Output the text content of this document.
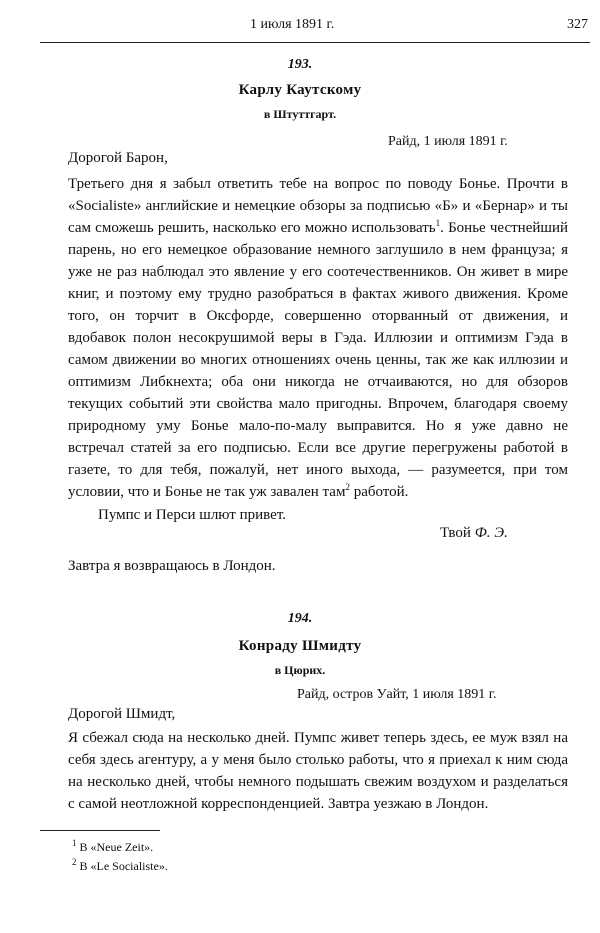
1 июля 1891 г.	327
193.
Карлу Каутскому
в Штуттгарт.
Райд, 1 июля 1891 г.
Дорогой Барон,

Третьего дня я забыл ответить тебе на вопрос по поводу Бонье. Прочти в «Socialiste» английские и немецкие обзоры за подписью «Б» и «Бернар» и ты сам сможешь решить, насколько его можно использовать$^1$. Бонье честнейший парень, но его немецкое образование немного заглушило в нем француза; я уже не раз наблюдал это явление у его соотечественников. Он живет в мире книг, и поэтому ему трудно разобраться в фактах живого движения. Кроме того, он торчит в Оксфорде, совершенно оторванный от движения, и вдобавок полон несокрушимой веры в Гэда. Иллюзии и оптимизм Гэда в самом движении во многих отношениях очень ценны, так же как иллюзии и оптимизм Либкнехта; оба они никогда не отчаиваются, но для обзоров текущих событий эти свойства мало пригодны. Впрочем, благодаря своему природному уму Бонье мало-по-малу выправится. Но я уже давно не встречал статей за его подписью. Если все другие перегружены работой в газете, то для тебя, пожалуй, нет иного выхода, — разумеется, при том условии, что и Бонье не так уж завален там$^2$ работой.

Пумпс и Перси шлют привет.
Твой Ф. Э.
Завтра я возвращаюсь в Лондон.
194.
Конраду Шмидту
в Цюрих.
Райд, остров Уайт, 1 июля 1891 г.
Дорогой Шмидт,

Я сбежал сюда на несколько дней. Пумпс живет теперь здесь, ее муж взял на себя здесь агентуру, а у меня было столько работы, что я приехал к ним сюда на несколько дней, чтобы немного подышать свежим воздухом и разделаться с самой неотложной корреспонденцией. Завтра уезжаю в Лондон.

$^1$ В «Neue Zeit».
$^2$ В «Le Socialiste».
